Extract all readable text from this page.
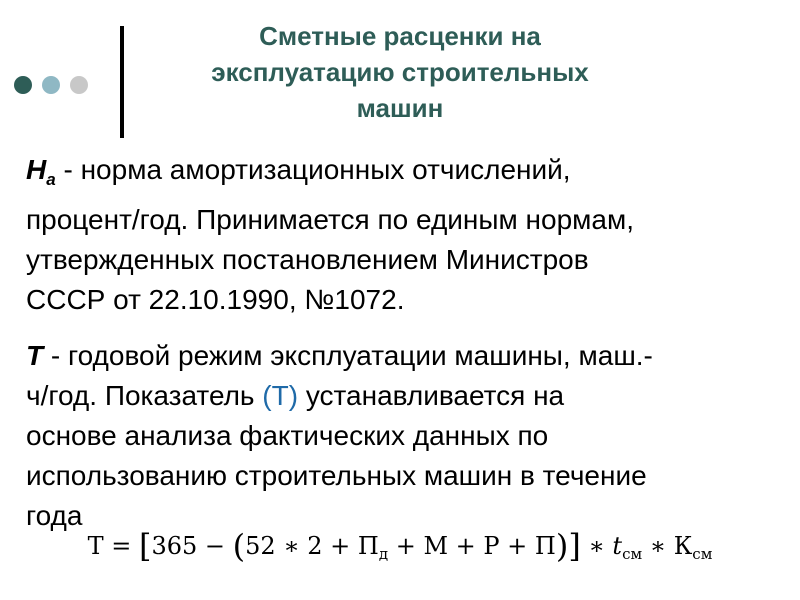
Сметные расценки на
эксплуатацию строительных
машин
$Н_а$ - норма амортизационных отчислений,
процент/год. Принимается по единым нормам,
утвержденных постановлением Министров
СССР от 22.10.1990, №1072.
Т - годовой режим эксплуатации машины, маш.-
ч/год. Показатель (Т) устанавливается на
основе анализа фактических данных по
использованию строительных машин в течение
года
Т = [365 − (52 ∗ $2 + П_д + М + Р + П$)] ∗ $t_{см}$ ∗ $К_{см}$
